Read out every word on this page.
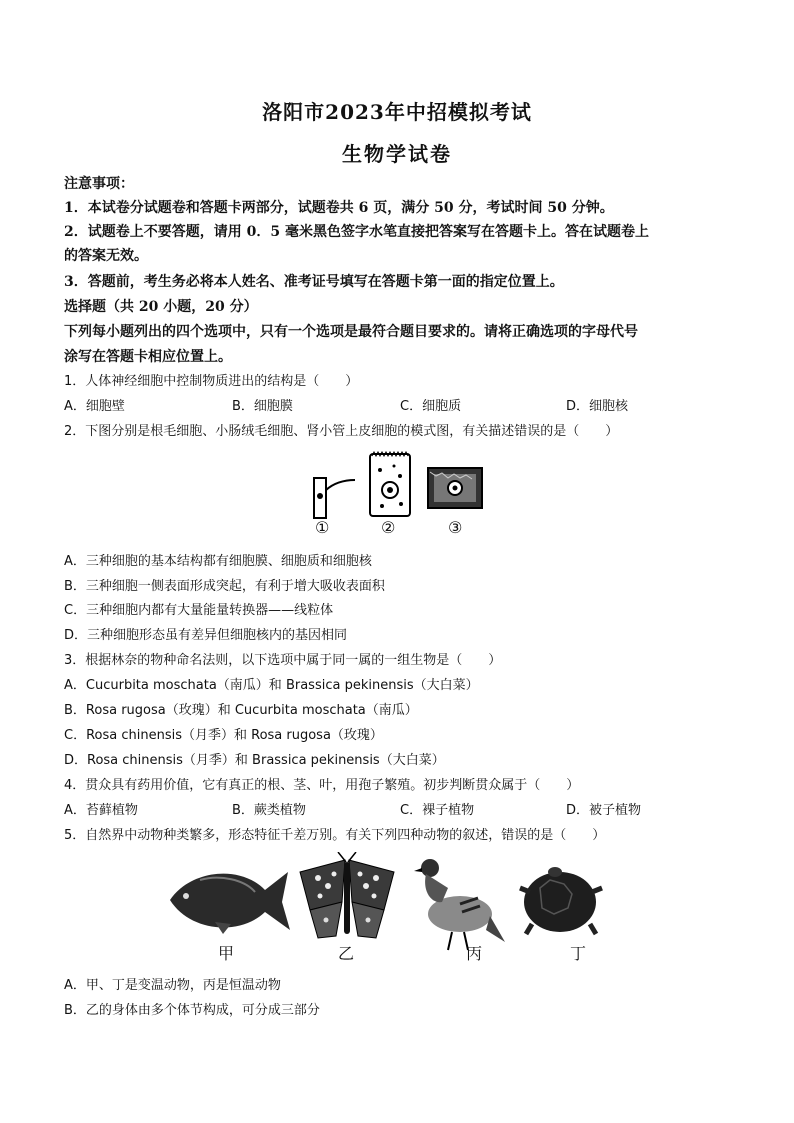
洛阳市2023年中招模拟考试
生物学试卷
注意事项：
1．本试卷分试题卷和答题卡两部分，试题卷共 6 页，满分 50 分，考试时间 50 分钟。
2．试题卷上不要答题，请用 0．5 毫米黑色签字水笔直接把答案写在答题卡上。答在试题卷上
的答案无效。
3．答题前，考生务必将本人姓名、准考证号填写在答题卡第一面的指定位置上。
选择题（共 20 小题，20 分）
下列每小题列出的四个选项中，只有一个选项是最符合题目要求的。请将正确选项的字母代号
涂写在答题卡相应位置上。
1．人体神经细胞中控制物质进出的结构是（　　）
A．细胞壁	B．细胞膜	C．细胞质	D．细胞核
2．下图分别是根毛细胞、小肠绒毛细胞、肾小管上皮细胞的模式图，有关描述错误的是（　　）
①	②	③
A．三种细胞的基本结构都有细胞膜、细胞质和细胞核
B．三种细胞一侧表面形成突起，有利于增大吸收表面积
C．三种细胞内都有大量能量转换器——线粒体
D．三种细胞形态虽有差异但细胞核内的基因相同
3．根据林奈的物种命名法则，以下选项中属于同一属的一组生物是（　　）
A．Cucurbita moschata（南瓜）和 Brassica pekinensis（大白菜）
B．Rosa rugosa（玫瑰）和 Cucurbita moschata（南瓜）
C．Rosa chinensis（月季）和 Rosa rugosa（玫瑰）
D．Rosa chinensis（月季）和 Brassica pekinensis（大白菜）
4．贯众具有药用价值，它有真正的根、茎、叶，用孢子繁殖。初步判断贯众属于（　　）
A．苔藓植物	B．蕨类植物	C．裸子植物	D．被子植物
5．自然界中动物种类繁多，形态特征千差万别。有关下列四种动物的叙述，错误的是（　　）
甲	乙	丙	丁
A．甲、丁是变温动物，丙是恒温动物
B．乙的身体由多个体节构成，可分成三部分
